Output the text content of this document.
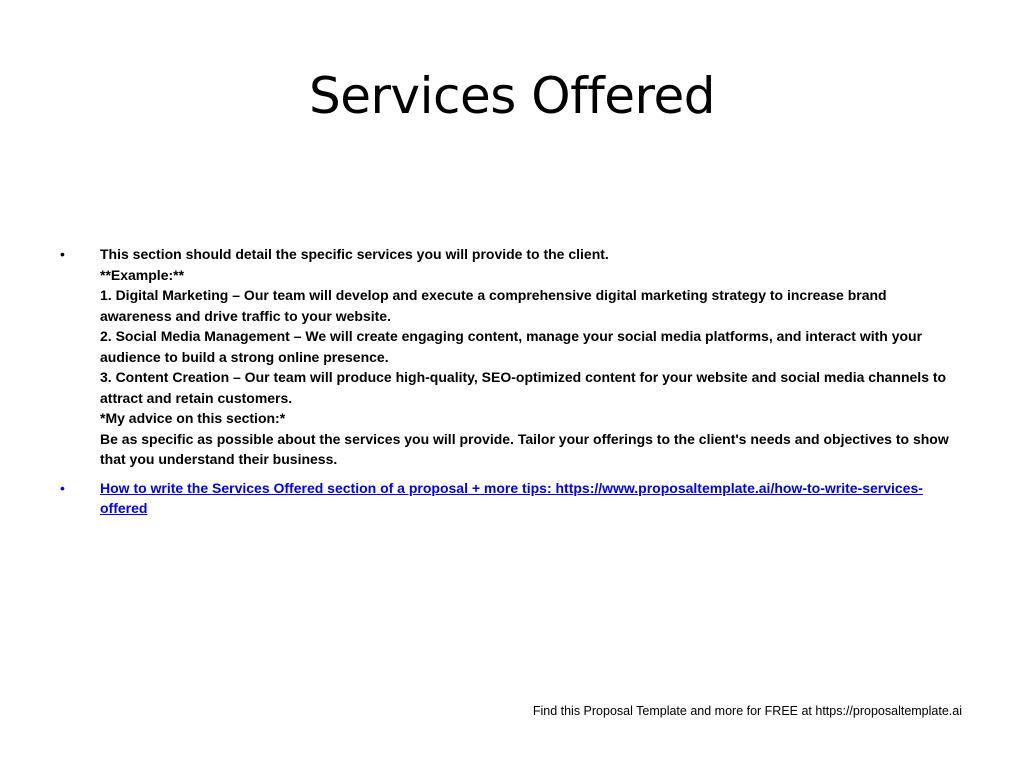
Services Offered
•	This section should detail the specific services you will provide to the client.
**Example:**
1. Digital Marketing – Our team will develop and execute a comprehensive digital marketing strategy to increase brand awareness and drive traffic to your website.
2. Social Media Management – We will create engaging content, manage your social media platforms, and interact with your audience to build a strong online presence.
3. Content Creation – Our team will produce high-quality, SEO-optimized content for your website and social media channels to attract and retain customers.
*My advice on this section:*
Be as specific as possible about the services you will provide. Tailor your offerings to the client's needs and objectives to show that you understand their business.
•	How to write the Services Offered section of a proposal + more tips: https://www.proposaltemplate.ai/how-to-write-services-offered
Find this Proposal Template and more for FREE at https://proposaltemplate.ai
